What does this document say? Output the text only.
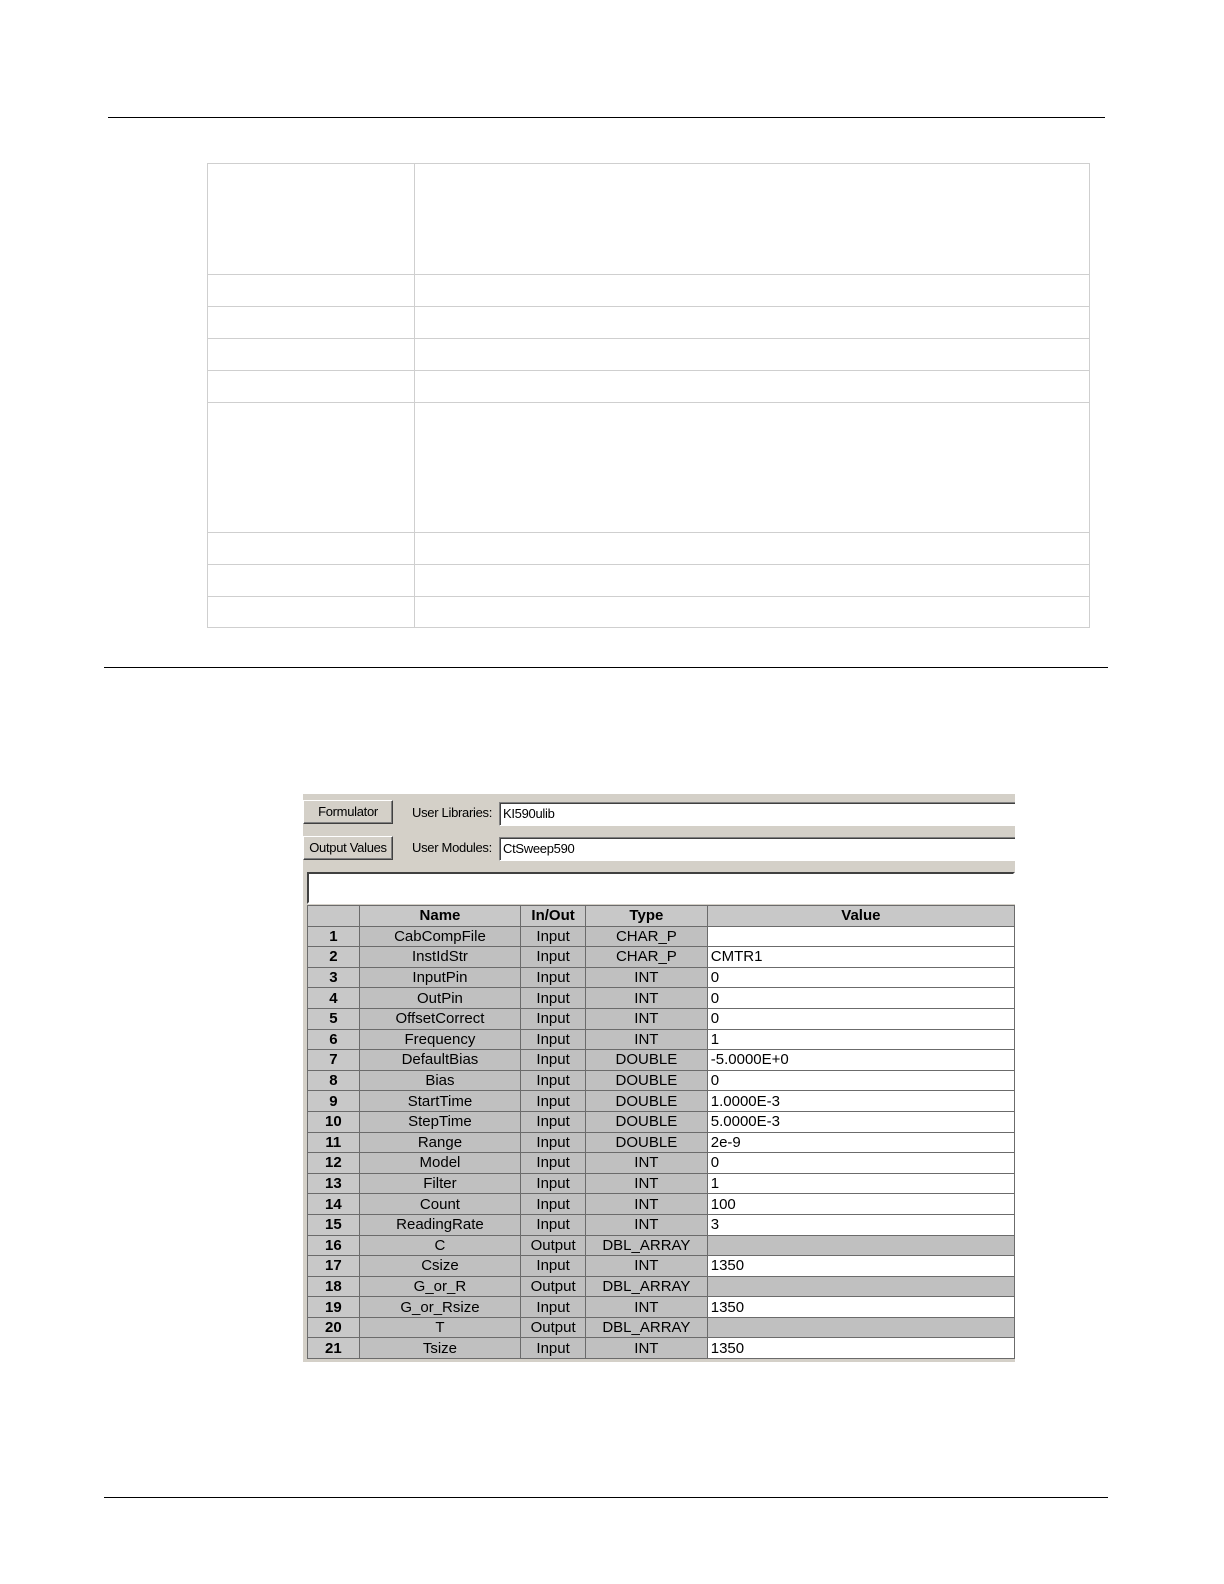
Formulator
Output Values
User Libraries:
User Modules:
KI590ulib
CtSweep590
	Name	In/Out	Type	Value
1	CabCompFile	Input	CHAR_P	
2	InstIdStr	Input	CHAR_P	CMTR1
3	InputPin	Input	INT	0
4	OutPin	Input	INT	0
5	OffsetCorrect	Input	INT	0
6	Frequency	Input	INT	1
7	DefaultBias	Input	DOUBLE	-5.0000E+0
8	Bias	Input	DOUBLE	0
9	StartTime	Input	DOUBLE	1.0000E-3
10	StepTime	Input	DOUBLE	5.0000E-3
11	Range	Input	DOUBLE	2e-9
12	Model	Input	INT	0
13	Filter	Input	INT	1
14	Count	Input	INT	100
15	ReadingRate	Input	INT	3
16	C	Output	DBL_ARRAY	
17	Csize	Input	INT	1350
18	G_or_R	Output	DBL_ARRAY	
19	G_or_Rsize	Input	INT	1350
20	T	Output	DBL_ARRAY	
21	Tsize	Input	INT	1350
